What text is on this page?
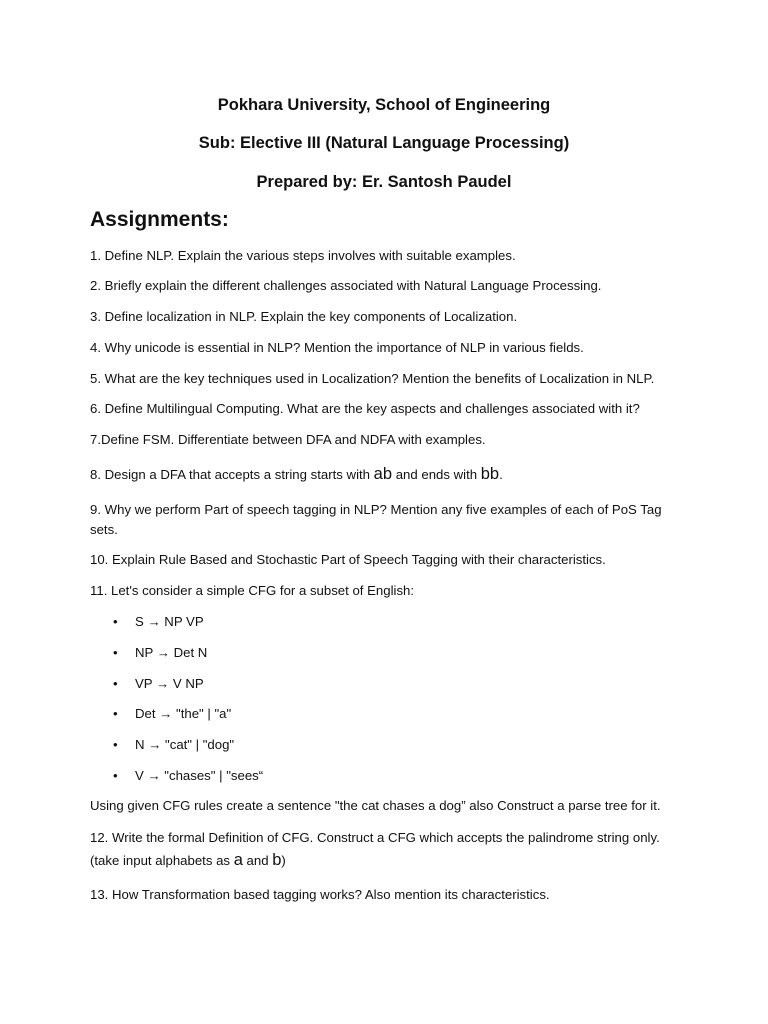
Pokhara University, School of Engineering
Sub: Elective III (Natural Language Processing)
Prepared by: Er. Santosh Paudel
Assignments:
1. Define NLP. Explain the various steps involves with suitable examples.
2. Briefly explain the different challenges associated with Natural Language Processing.
3. Define localization in NLP. Explain the key components of Localization.
4. Why unicode is essential in NLP? Mention the importance of NLP in various fields.
5. What are the key techniques used in Localization? Mention the benefits of Localization in NLP.
6. Define Multilingual Computing. What are the key aspects and challenges associated with it?
7.Define FSM. Differentiate between DFA and NDFA with examples.
8. Design a DFA that accepts a string starts with ab and ends with bb.
9. Why we perform Part of speech tagging in NLP? Mention any five examples of each of PoS Tag sets.
10. Explain Rule Based and Stochastic Part of Speech Tagging with their characteristics.
11. Let's consider a simple CFG for a subset of English:
• S → NP VP
• NP → Det N
• VP → V NP
• Det → "the" | "a"
• N → "cat" | "dog"
• V → "chases" | "sees“
Using given CFG rules create a sentence "the cat chases a dog” also Construct a parse tree for it.
12. Write the formal Definition of CFG. Construct a CFG which accepts the palindrome string only.
(take input alphabets as a and b)
13. How Transformation based tagging works? Also mention its characteristics.
